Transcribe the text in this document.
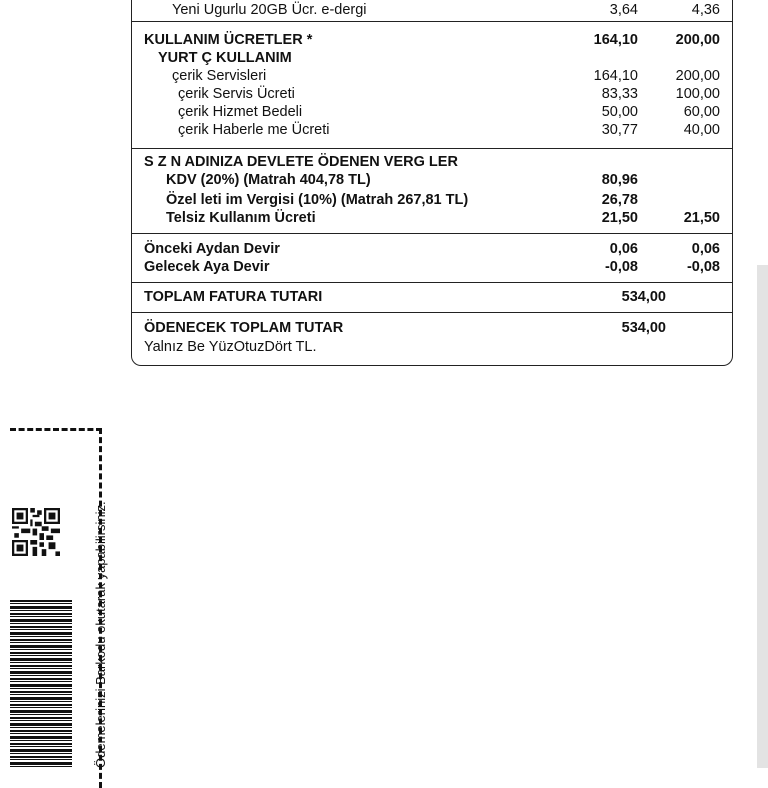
Yeni Ugurlu 20GB Ücr. e-dergi	3,64	4,36
KULLANIM ÜCRETLER *	164,10	200,00
YURT Ç KULLANIM
çerik Servisleri	164,10	200,00
çerik Servis Ücreti	83,33	100,00
çerik Hizmet Bedeli	50,00	60,00
çerik Haberle me Ücreti	30,77	40,00
S Z N ADINIZA DEVLETE ÖDENEN VERG LER
KDV (20%) (Matrah 404,78 TL)	80,96
Özel leti im Vergisi (10%) (Matrah 267,81 TL)	26,78
Telsiz Kullanım Ücreti	21,50	21,50
Önceki Aydan Devir	0,06	0,06
Gelecek Aya Devir	-0,08	-0,08
TOPLAM FATURA TUTARI	534,00
ÖDENECEK TOPLAM TUTAR	534,00
Yalnız Be YüzOtuzDört TL.
Ödemelerinizi Barkodu okutarak yapabilirsiniz.
